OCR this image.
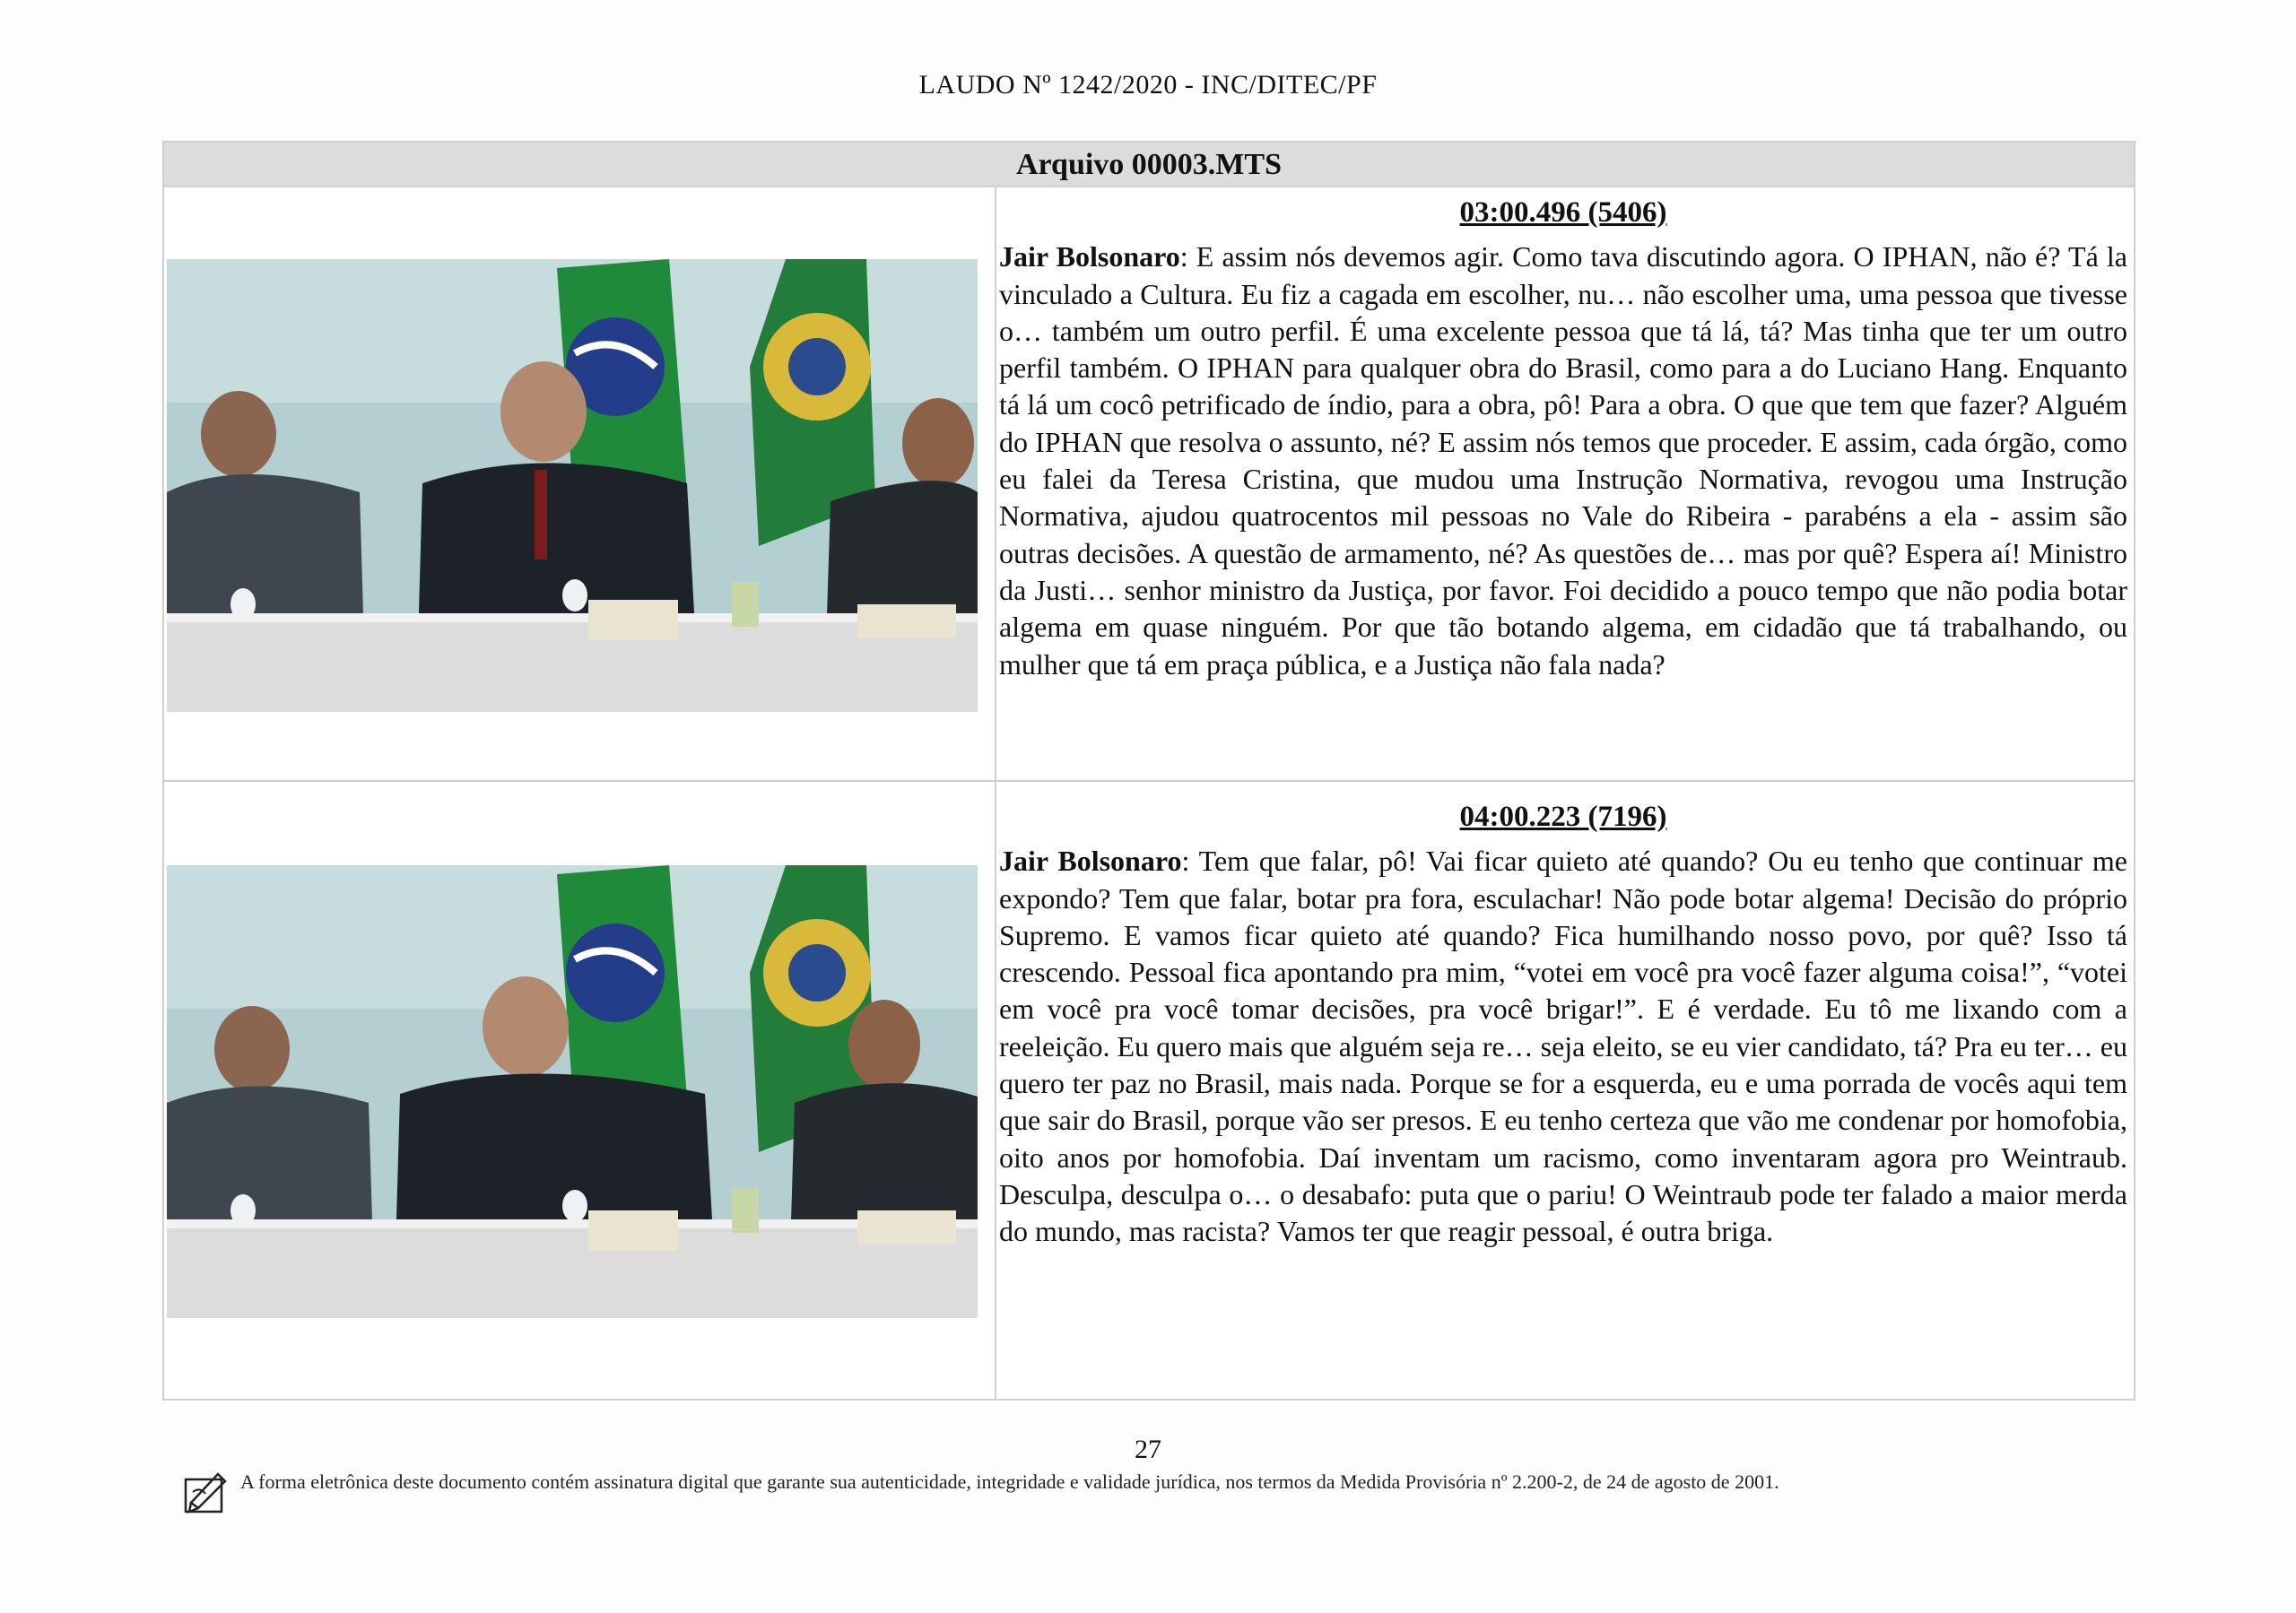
LAUDO Nº 1242/2020 - INC/DITEC/PF
Arquivo 00003.MTS
03:00.496 (5406)
Jair Bolsonaro: E assim nós devemos agir. Como tava discutindo agora. O IPHAN, não é? Tá la vinculado a Cultura. Eu fiz a cagada em escolher, nu… não escolher uma, uma pessoa que tivesse o… também um outro perfil. É uma excelente pessoa que tá lá, tá? Mas tinha que ter um outro perfil também. O IPHAN para qualquer obra do Brasil, como para a do Luciano Hang. Enquanto tá lá um cocô petrificado de índio, para a obra, pô! Para a obra. O que que tem que fazer? Alguém do IPHAN que resolva o assunto, né? E assim nós temos que proceder. E assim, cada órgão, como eu falei da Teresa Cristina, que mudou uma Instrução Normativa, revogou uma Instrução Normativa, ajudou quatrocentos mil pessoas no Vale do Ribeira - parabéns a ela - assim são outras decisões. A questão de armamento, né? As questões de… mas por quê? Espera aí! Ministro da Justi… senhor ministro da Justiça, por favor. Foi decidido a pouco tempo que não podia botar algema em quase ninguém. Por que tão botando algema, em cidadão que tá trabalhando, ou mulher que tá em praça pública, e a Justiça não fala nada?
04:00.223 (7196)
Jair Bolsonaro: Tem que falar, pô! Vai ficar quieto até quando? Ou eu tenho que continuar me expondo? Tem que falar, botar pra fora, esculachar! Não pode botar algema! Decisão do próprio Supremo. E vamos ficar quieto até quando? Fica humilhando nosso povo, por quê? Isso tá crescendo. Pessoal fica apontando pra mim, “votei em você pra você fazer alguma coisa!”, “votei em você pra você tomar decisões, pra você brigar!”. E é verdade. Eu tô me lixando com a reeleição. Eu quero mais que alguém seja re… seja eleito, se eu vier candidato, tá? Pra eu ter… eu quero ter paz no Brasil, mais nada. Porque se for a esquerda, eu e uma porrada de vocês aqui tem que sair do Brasil, porque vão ser presos. E eu tenho certeza que vão me condenar por homofobia, oito anos por homofobia. Daí inventam um racismo, como inventaram agora pro Weintraub. Desculpa, desculpa o… o desabafo: puta que o pariu! O Weintraub pode ter falado a maior merda do mundo, mas racista? Vamos ter que reagir pessoal, é outra briga.
27
A forma eletrônica deste documento contém assinatura digital que garante sua autenticidade, integridade e validade jurídica, nos termos da Medida Provisória nº 2.200-2, de 24 de agosto de 2001.
